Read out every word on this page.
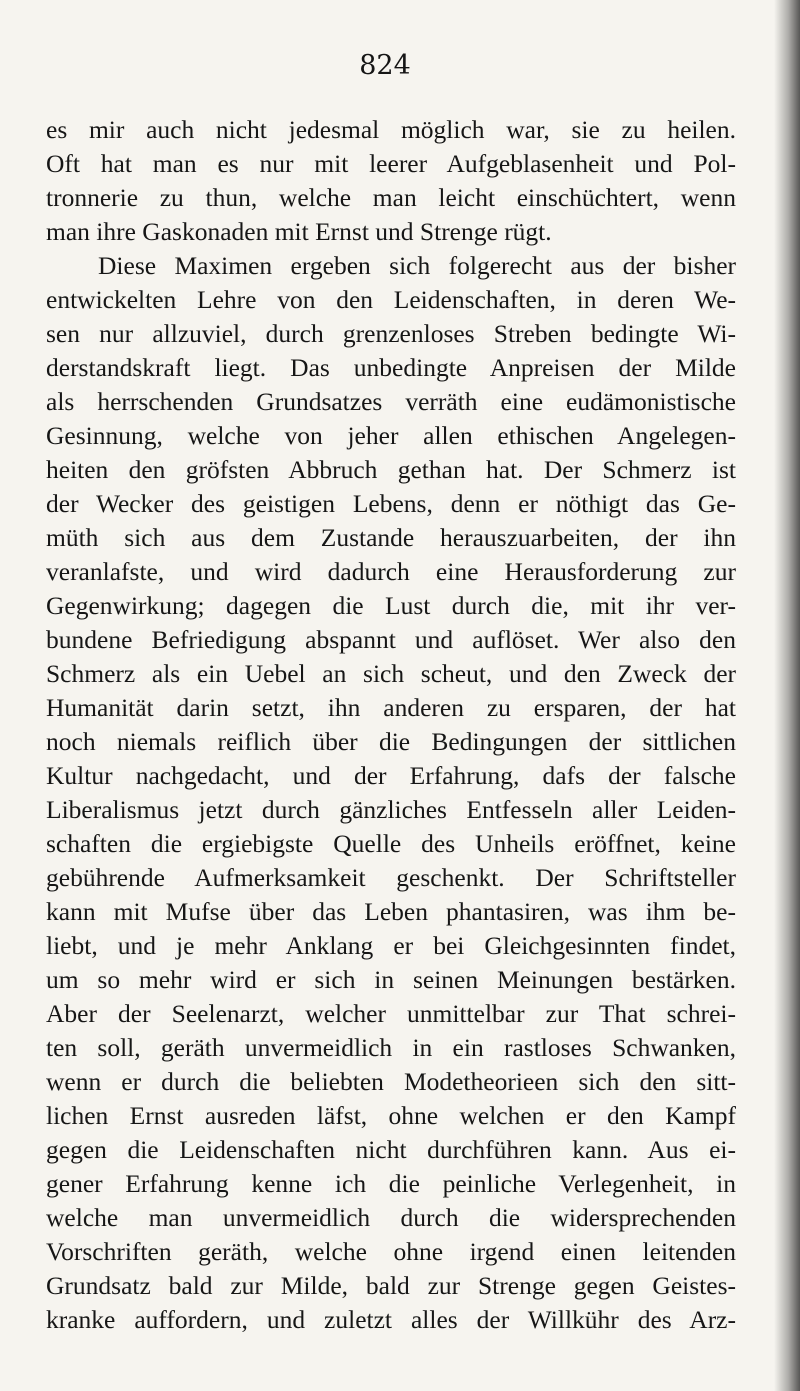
824
es mir auch nicht jedesmal möglich war, sie zu heilen.
Oft hat man es nur mit leerer Aufgeblasenheit und Pol-
tronnerie zu thun, welche man leicht einschüchtert, wenn
man ihre Gaskonaden mit Ernst und Strenge rügt.
Diese Maximen ergeben sich folgerecht aus der bisher
entwickelten Lehre von den Leidenschaften, in deren We-
sen nur allzuviel, durch grenzenloses Streben bedingte Wi-
derstandskraft liegt. Das unbedingte Anpreisen der Milde
als herrschenden Grundsatzes verräth eine eudämonistische
Gesinnung, welche von jeher allen ethischen Angelegen-
heiten den gröfsten Abbruch gethan hat. Der Schmerz ist
der Wecker des geistigen Lebens, denn er nöthigt das Ge-
müth sich aus dem Zustande herauszuarbeiten, der ihn
veranlafste, und wird dadurch eine Herausforderung zur
Gegenwirkung; dagegen die Lust durch die, mit ihr ver-
bundene Befriedigung abspannt und auflöset. Wer also den
Schmerz als ein Uebel an sich scheut, und den Zweck der
Humanität darin setzt, ihn anderen zu ersparen, der hat
noch niemals reiflich über die Bedingungen der sittlichen
Kultur nachgedacht, und der Erfahrung, dafs der falsche
Liberalismus jetzt durch gänzliches Entfesseln aller Leiden-
schaften die ergiebigste Quelle des Unheils eröffnet, keine
gebührende Aufmerksamkeit geschenkt. Der Schriftsteller
kann mit Mufse über das Leben phantasiren, was ihm be-
liebt, und je mehr Anklang er bei Gleichgesinnten findet,
um so mehr wird er sich in seinen Meinungen bestärken.
Aber der Seelenarzt, welcher unmittelbar zur That schrei-
ten soll, geräth unvermeidlich in ein rastloses Schwanken,
wenn er durch die beliebten Modetheorieen sich den sitt-
lichen Ernst ausreden läfst, ohne welchen er den Kampf
gegen die Leidenschaften nicht durchführen kann. Aus ei-
gener Erfahrung kenne ich die peinliche Verlegenheit, in
welche man unvermeidlich durch die widersprechenden
Vorschriften geräth, welche ohne irgend einen leitenden
Grundsatz bald zur Milde, bald zur Strenge gegen Geistes-
kranke auffordern, und zuletzt alles der Willkühr des Arz-
